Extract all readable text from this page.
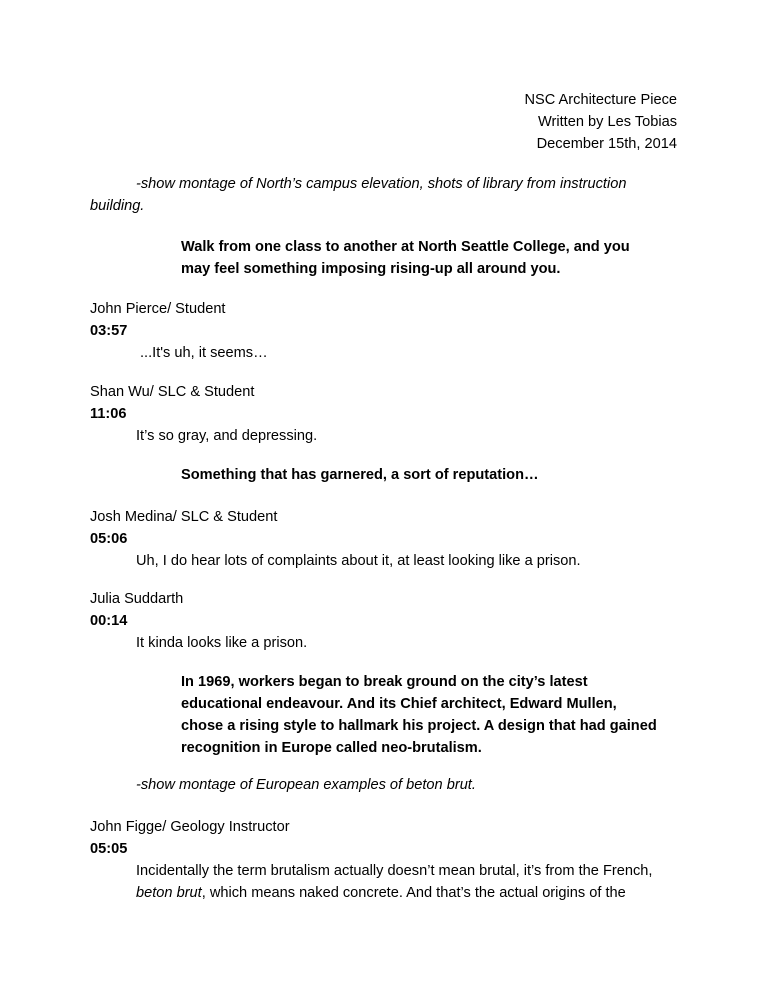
NSC Architecture Piece
Written by Les Tobias
December 15th, 2014
-show montage of North’s campus elevation, shots of library from instruction
building.
Walk from one class to another at North Seattle College, and you
may feel something imposing rising-up all around you.
John Pierce/ Student
03:57
...It's uh, it seems…
Shan Wu/ SLC & Student
11:06
It’s so gray, and depressing.
Something that has garnered, a sort of reputation…
Josh Medina/ SLC & Student
05:06
Uh, I do hear lots of complaints about it, at least looking like a prison.
Julia Suddarth
00:14
It kinda looks like a prison.
In 1969, workers began to break ground on the city’s latest
educational endeavour. And its Chief architect, Edward Mullen,
chose a rising style to hallmark his project. A design that had gained
recognition in Europe called neo-brutalism.
-show montage of European examples of beton brut.
John Figge/ Geology Instructor
05:05
Incidentally the term brutalism actually doesn’t mean brutal, it’s from the French,
beton brut, which means naked concrete. And that’s the actual origins of the
